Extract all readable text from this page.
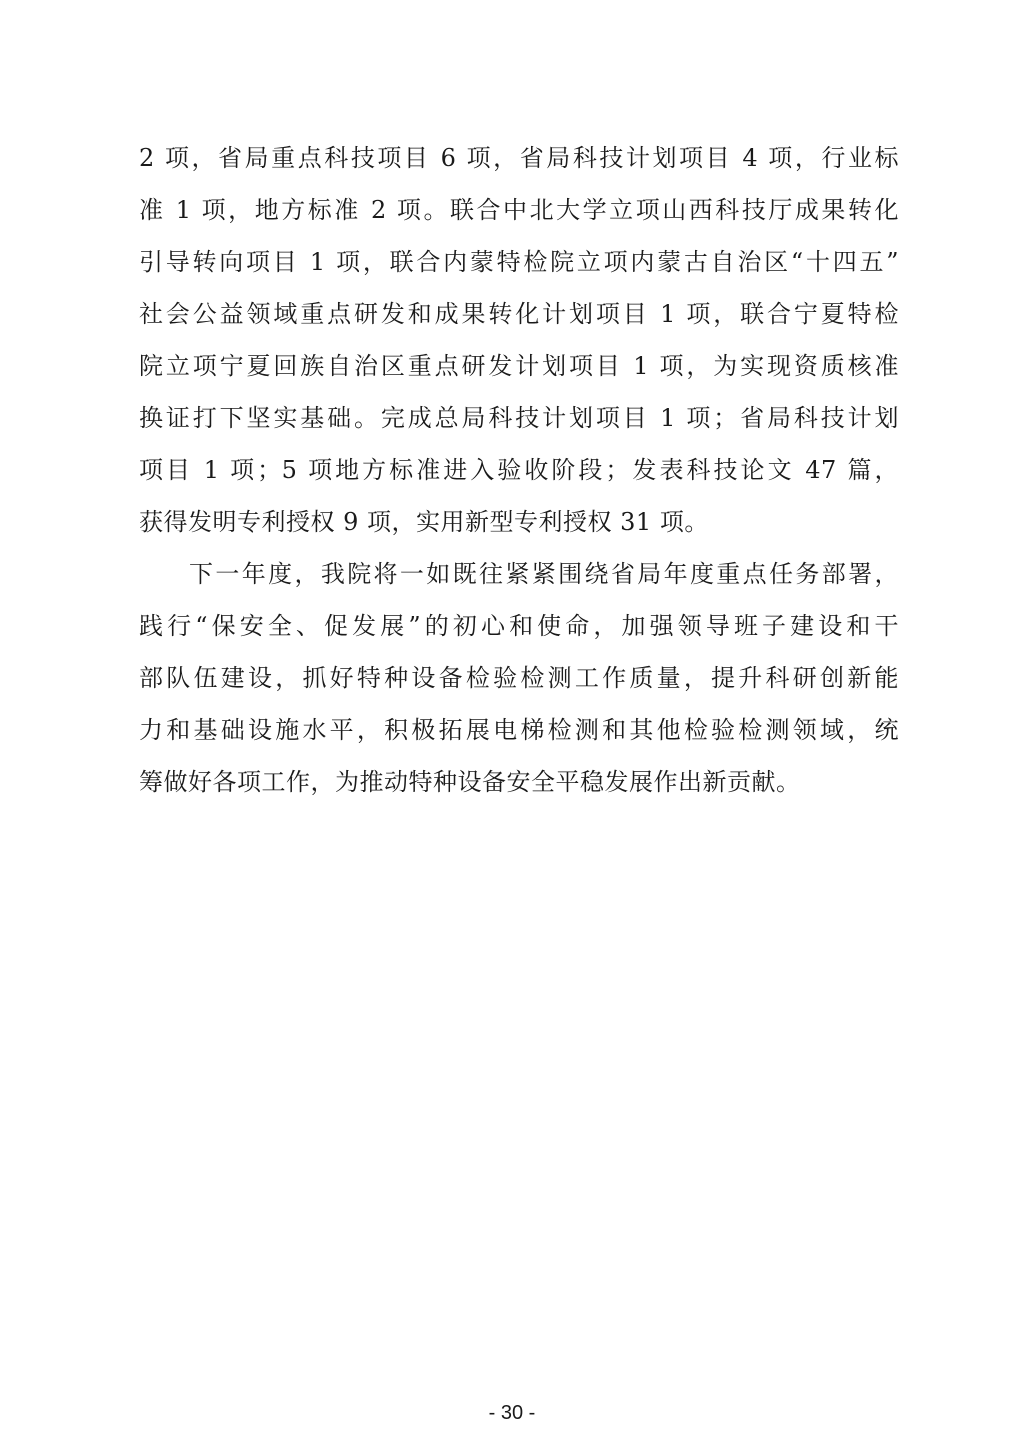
2 项，省局重点科技项目 6 项，省局科技计划项目 4 项，行业标
准 1 项，地方标准 2 项。联合中北大学立项山西科技厅成果转化
引导转向项目 1 项，联合内蒙特检院立项内蒙古自治区“十四五”
社会公益领域重点研发和成果转化计划项目 1 项，联合宁夏特检
院立项宁夏回族自治区重点研发计划项目 1 项，为实现资质核准
换证打下坚实基础。完成总局科技计划项目 1 项；省局科技计划
项目 1 项；5 项地方标准进入验收阶段；发表科技论文 47 篇，
获得发明专利授权 9 项，实用新型专利授权 31 项。
下一年度，我院将一如既往紧紧围绕省局年度重点任务部署，
践行“保安全、促发展”的初心和使命，加强领导班子建设和干
部队伍建设，抓好特种设备检验检测工作质量，提升科研创新能
力和基础设施水平，积极拓展电梯检测和其他检验检测领域，统
筹做好各项工作，为推动特种设备安全平稳发展作出新贡献。
- 30 -
